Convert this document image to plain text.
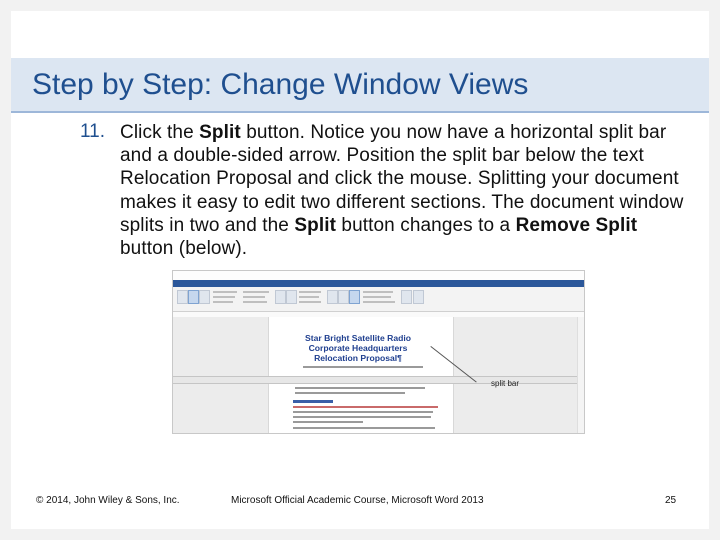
Step by Step: Change Window Views
11. Click the Split button. Notice you now have a horizontal split bar and a double-sided arrow. Position the split bar below the text Relocation Proposal and click the mouse. Splitting your document makes it easy to edit two different sections. The document window splits in two and the Split button changes to a Remove Split button (below).
Star Bright Satellite Radio
Corporate Headquarters
Relocation Proposal¶
split bar
© 2014, John Wiley & Sons, Inc.	Microsoft Official Academic Course, Microsoft Word 2013	25
